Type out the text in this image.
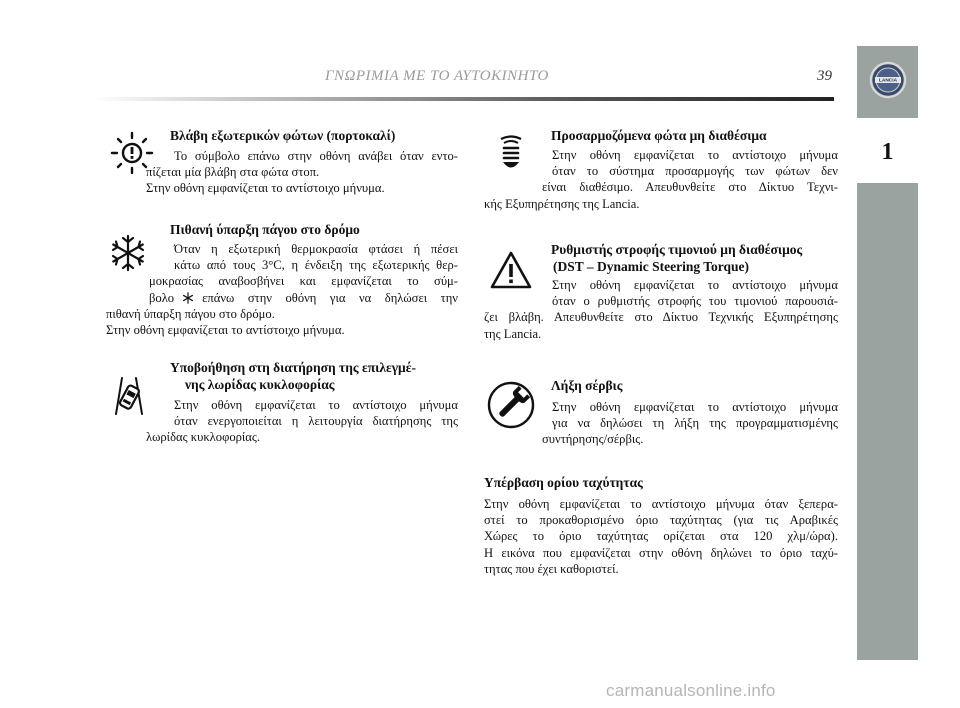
ΓΝΩΡΙΜΙΑ ΜΕ ΤΟ ΑΥΤΟΚΙΝΗΤΟ	39	LANCIA
1
Βλάβη εξωτερικών φώτων (πορτοκαλί)
Το σύμβολο επάνω στην οθόνη ανάβει όταν εντο-
πίζεται μία βλάβη στα φώτα στοπ.
Στην οθόνη εμφανίζεται το αντίστοιχο μήνυμα.
Πιθανή ύπαρξη πάγου στο δρόμο
Όταν η εξωτερική θερμοκρασία φτάσει ή πέσει
κάτω από τους 3°C, η ένδειξη της εξωτερικής θερ-
μοκρασίας αναβοσβήνει και εμφανίζεται το σύμ-
βολο επάνω στην οθόνη για να δηλώσει την
πιθανή ύπαρξη πάγου στο δρόμο.
Στην οθόνη εμφανίζεται το αντίστοιχο μήνυμα.
Υποβοήθηση στη διατήρηση της επιλεγμέ-
νης λωρίδας κυκλοφορίας
Στην οθόνη εμφανίζεται το αντίστοιχο μήνυμα
όταν ενεργοποιείται η λειτουργία διατήρησης της
λωρίδας κυκλοφορίας.
Προσαρμοζόμενα φώτα μη διαθέσιμα
Στην οθόνη εμφανίζεται το αντίστοιχο μήνυμα
όταν το σύστημα προσαρμογής των φώτων δεν
είναι διαθέσιμο. Απευθυνθείτε στο Δίκτυο Τεχνι-
κής Εξυπηρέτησης της Lancia.
Ρυθμιστής στροφής τιμονιού μη διαθέσιμος
(DST – Dynamic Steering Torque)
Στην οθόνη εμφανίζεται το αντίστοιχο μήνυμα
όταν ο ρυθμιστής στροφής του τιμονιού παρουσιά-
ζει βλάβη. Απευθυνθείτε στο Δίκτυο Τεχνικής Εξυπηρέτησης
της Lancia.
Λήξη σέρβις
Στην οθόνη εμφανίζεται το αντίστοιχο μήνυμα
για να δηλώσει τη λήξη της προγραμματισμένης
συντήρησης/σέρβις.
Υπέρβαση ορίου ταχύτητας
Στην οθόνη εμφανίζεται το αντίστοιχο μήνυμα όταν ξεπερα-
στεί το προκαθορισμένο όριο ταχύτητας (για τις Αραβικές
Χώρες το όριο ταχύτητας ορίζεται στα 120 χλμ/ώρα).
Η εικόνα που εμφανίζεται στην οθόνη δηλώνει το όριο ταχύ-
τητας που έχει καθοριστεί.
carmanualsonline.info
